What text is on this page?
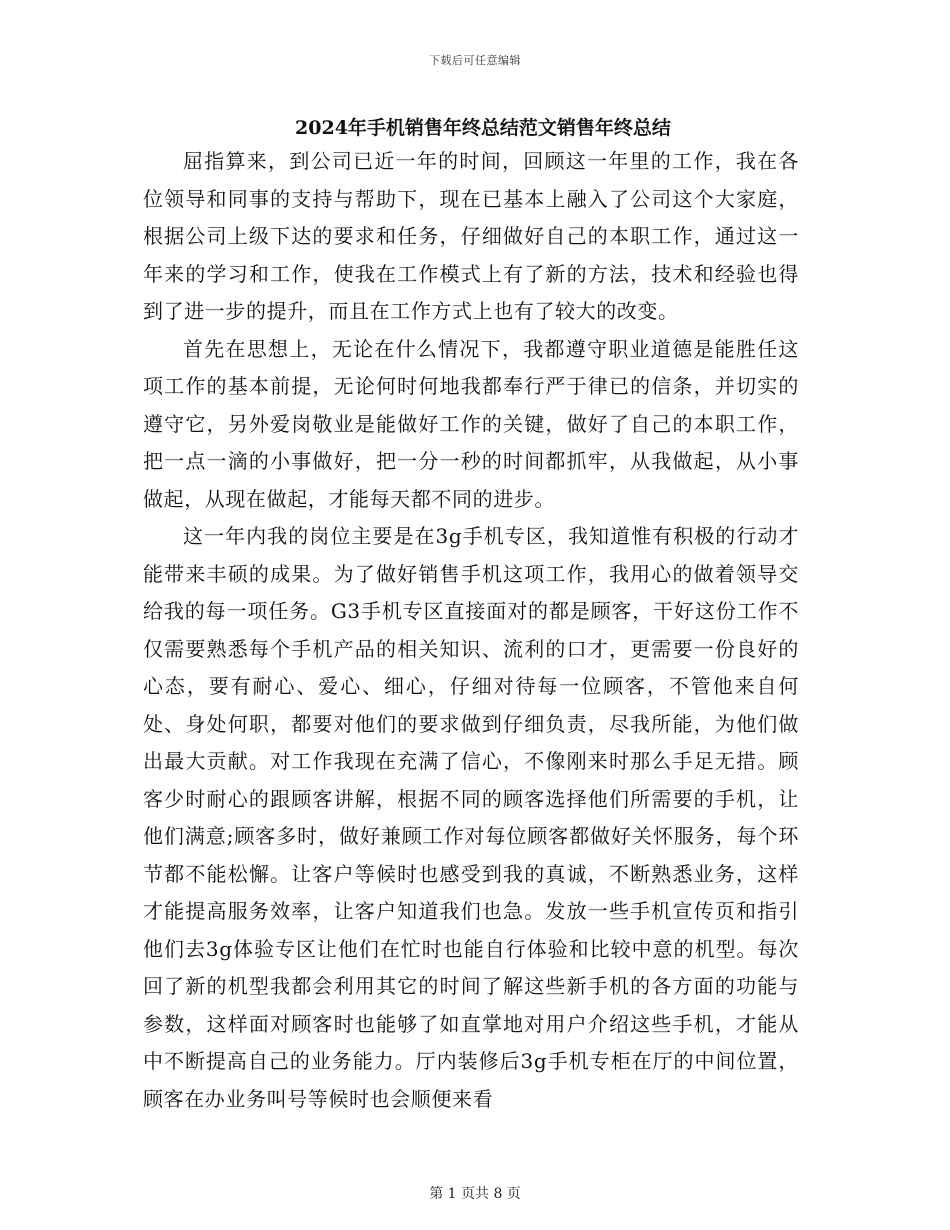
下载后可任意编辑
2024年手机销售年终总结范文销售年终总结

屈指算来，到公司已近一年的时间，回顾这一年里的工作，我在各位领导和同事的支持与帮助下，现在已基本上融入了公司这个大家庭，根据公司上级下达的要求和任务，仔细做好自己的本职工作，通过这一年来的学习和工作，使我在工作模式上有了新的方法，技术和经验也得到了进一步的提升，而且在工作方式上也有了较大的改变。

首先在思想上，无论在什么情况下，我都遵守职业道德是能胜任这项工作的基本前提，无论何时何地我都奉行严于律已的信条，并切实的遵守它，另外爱岗敬业是能做好工作的关键，做好了自己的本职工作，把一点一滴的小事做好，把一分一秒的时间都抓牢，从我做起，从小事做起，从现在做起，才能每天都不同的进步。

这一年内我的岗位主要是在3g手机专区，我知道惟有积极的行动才能带来丰硕的成果。为了做好销售手机这项工作，我用心的做着领导交给我的每一项任务。G3手机专区直接面对的都是顾客，干好这份工作不仅需要熟悉每个手机产品的相关知识、流利的口才，更需要一份良好的心态，要有耐心、爱心、细心，仔细对待每一位顾客，不管他来自何处、身处何职，都要对他们的要求做到仔细负责，尽我所能，为他们做出最大贡献。对工作我现在充满了信心，不像刚来时那么手足无措。顾客少时耐心的跟顾客讲解，根据不同的顾客选择他们所需要的手机，让他们满意;顾客多时，做好兼顾工作对每位顾客都做好关怀服务，每个环节都不能松懈。让客户等候时也感受到我的真诚，不断熟悉业务，这样才能提高服务效率，让客户知道我们也急。发放一些手机宣传页和指引他们去3g体验专区让他们在忙时也能自行体验和比较中意的机型。每次回了新的机型我都会利用其它的时间了解这些新手机的各方面的功能与参数，这样面对顾客时也能够了如直掌地对用户介绍这些手机，才能从中不断提高自己的业务能力。厅内装修后3g手机专柜在厅的中间位置，顾客在办业务叫号等候时也会顺便来看

第 1 页共 8 页
